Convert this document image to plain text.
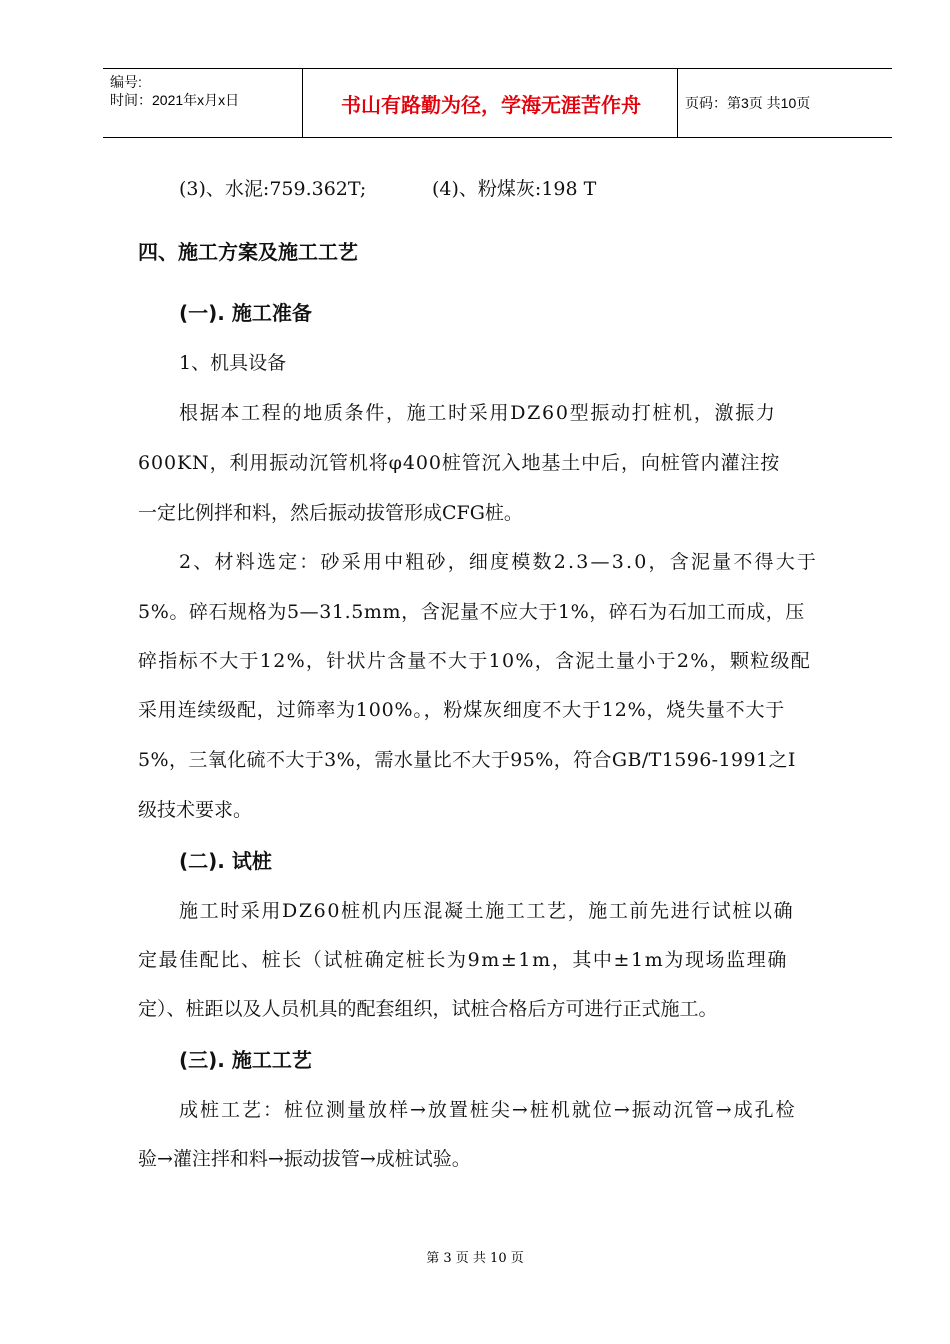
编号:
时间：2021年x月x日	书山有路勤为径，学海无涯苦作舟	页码：第3页 共10页
(3)、水泥:759.362T;	(4)、粉煤灰:198 T
四、施工方案及施工工艺
(一). 施工准备
1、机具设备
根据本工程的地质条件，施工时采用DZ60型振动打桩机，激振力
600KN，利用振动沉管机将φ400桩管沉入地基土中后，向桩管内灌注按
一定比例拌和料，然后振动拔管形成CFG桩。
2、材料选定：砂采用中粗砂，细度模数2.3—3.0，含泥量不得大于
5%。碎石规格为5—31.5mm，含泥量不应大于1%，碎石为石加工而成，压
碎指标不大于12%，针状片含量不大于10%，含泥土量小于2%，颗粒级配
采用连续级配，过筛率为100%。，粉煤灰细度不大于12%，烧失量不大于
5%，三氧化硫不大于3%，需水量比不大于95%，符合GB/T1596-1991之I
级技术要求。
(二). 试桩
施工时采用DZ60桩机内压混凝土施工工艺，施工前先进行试桩以确
定最佳配比、桩长（试桩确定桩长为9m±1m，其中±1m为现场监理确
定）、桩距以及人员机具的配套组织，试桩合格后方可进行正式施工。
(三). 施工工艺
成桩工艺：桩位测量放样→放置桩尖→桩机就位→振动沉管→成孔检
验→灌注拌和料→振动拔管→成桩试验。
第 3 页 共 10 页
